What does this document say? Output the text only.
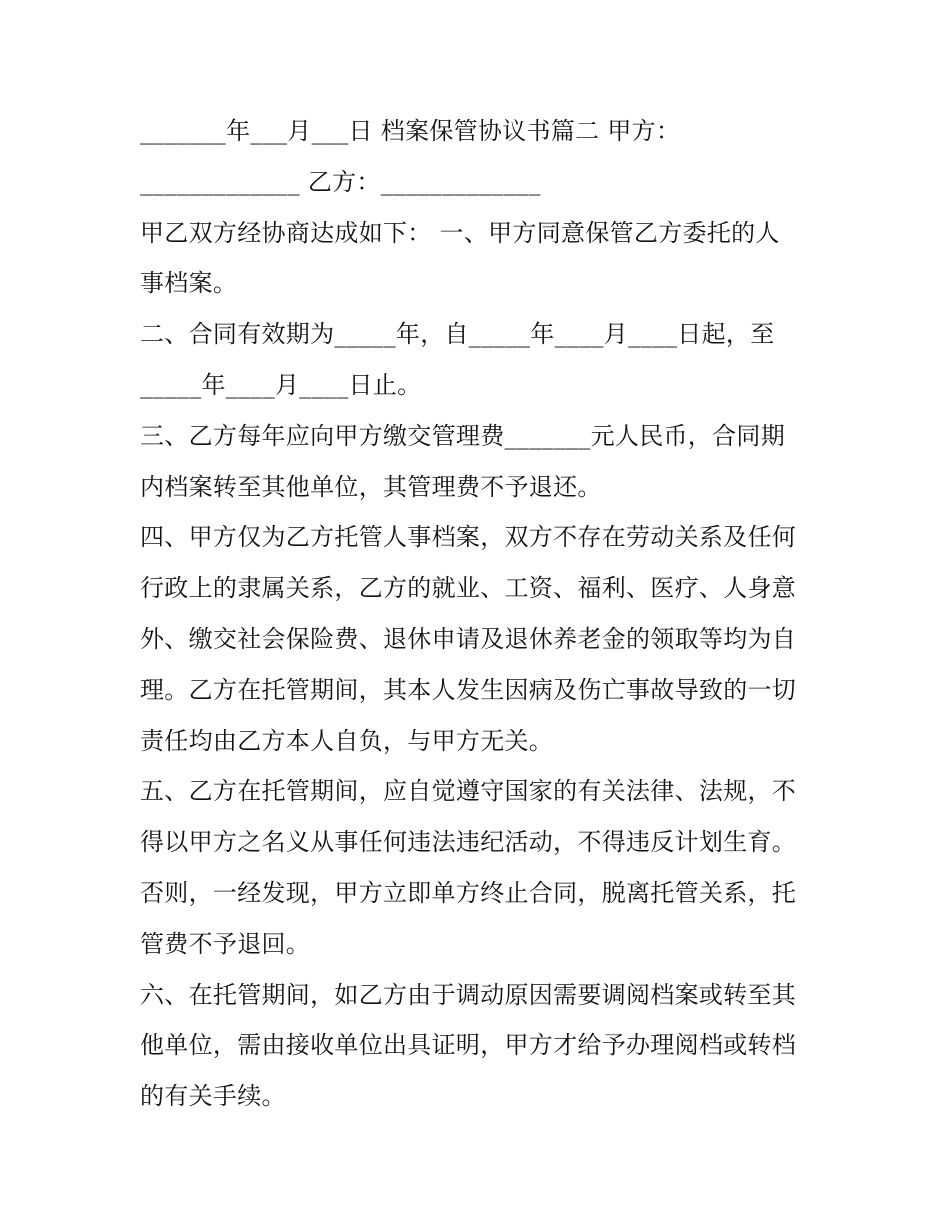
_______年___月___日 档案保管协议书篇二 甲方：
_____________ 乙方：_____________
甲乙双方经协商达成如下： 一、甲方同意保管乙方委托的人
事档案。
二、合同有效期为_____年，自_____年____月____日起，至
_____年____月____日止。
三、乙方每年应向甲方缴交管理费_______元人民币，合同期
内档案转至其他单位，其管理费不予退还。
四、甲方仅为乙方托管人事档案，双方不存在劳动关系及任何
行政上的隶属关系，乙方的就业、工资、福利、医疗、人身意
外、缴交社会保险费、退休申请及退休养老金的领取等均为自
理。乙方在托管期间，其本人发生因病及伤亡事故导致的一切
责任均由乙方本人自负，与甲方无关。
五、乙方在托管期间，应自觉遵守国家的有关法律、法规，不
得以甲方之名义从事任何违法违纪活动，不得违反计划生育。
否则，一经发现，甲方立即单方终止合同，脱离托管关系，托
管费不予退回。
六、在托管期间，如乙方由于调动原因需要调阅档案或转至其
他单位，需由接收单位出具证明，甲方才给予办理阅档或转档
的有关手续。
